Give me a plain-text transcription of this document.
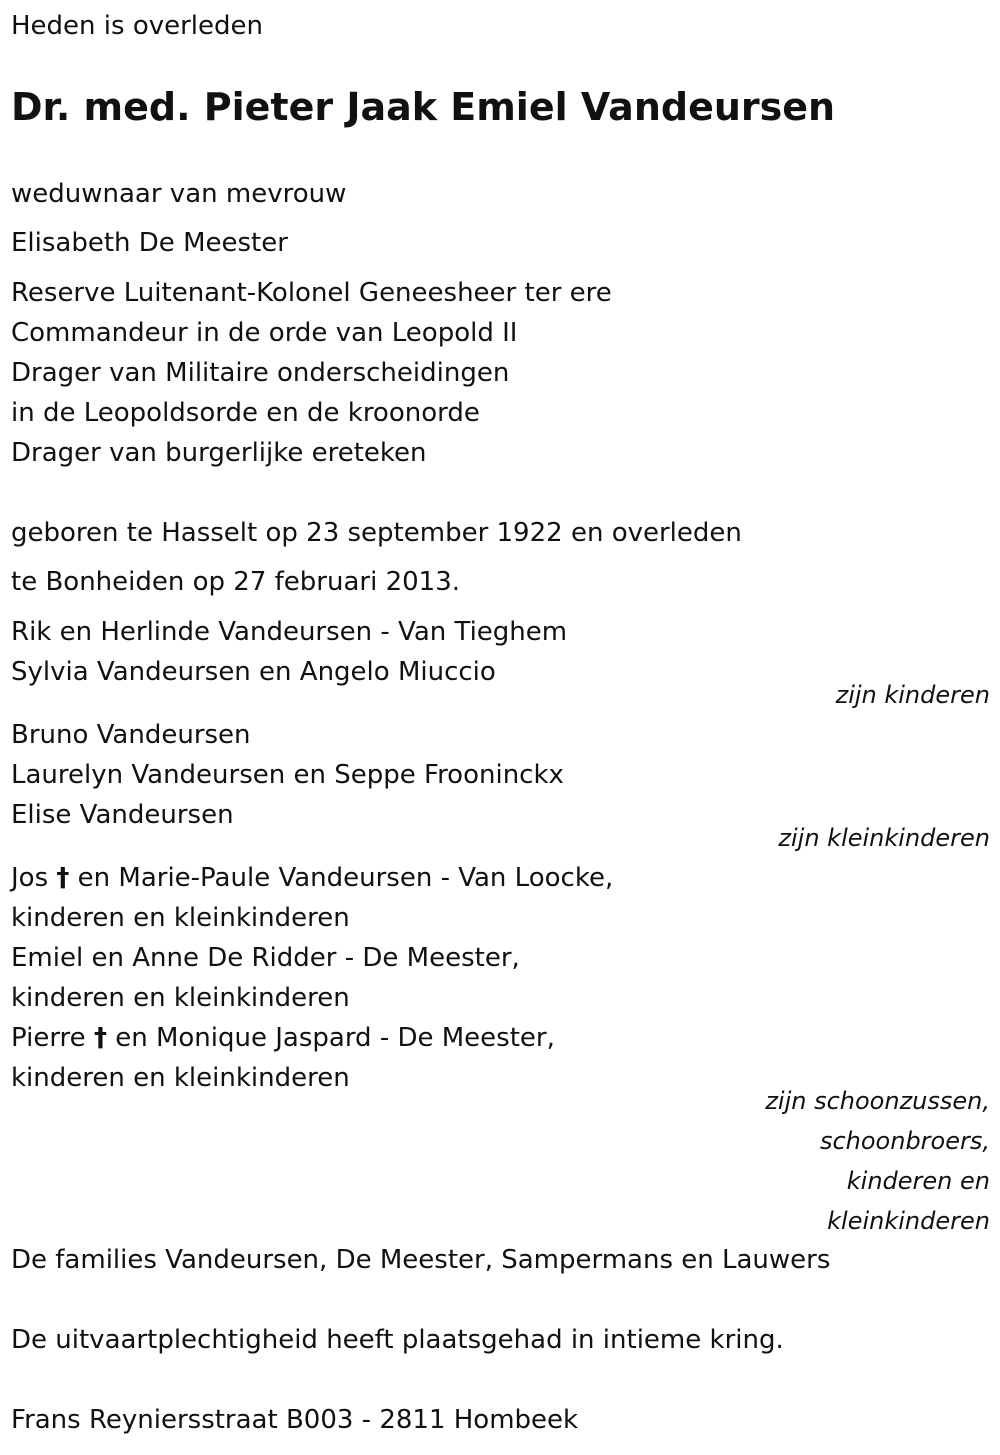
Heden is overleden
Dr. med. Pieter Jaak Emiel Vandeursen
weduwnaar van mevrouw
Elisabeth De Meester
Reserve Luitenant-Kolonel Geneesheer ter ere
Commandeur in de orde van Leopold II
Drager van Militaire onderscheidingen
in de Leopoldsorde en de kroonorde
Drager van burgerlijke ereteken
geboren te Hasselt op 23 september 1922 en overleden
te Bonheiden op 27 februari 2013.
Rik en Herlinde Vandeursen - Van Tieghem
Sylvia Vandeursen en Angelo Miuccio
zijn kinderen
Bruno Vandeursen
Laurelyn Vandeursen en Seppe Frooninckx
Elise Vandeursen
zijn kleinkinderen
Jos † en Marie-Paule Vandeursen - Van Loocke,
kinderen en kleinkinderen
Emiel en Anne De Ridder - De Meester,
kinderen en kleinkinderen
Pierre † en Monique Jaspard - De Meester,
kinderen en kleinkinderen
zijn schoonzussen,
schoonbroers,
kinderen en
kleinkinderen
De families Vandeursen, De Meester, Sampermans en Lauwers
De uitvaartplechtigheid heeft plaatsgehad in intieme kring.
Frans Reyniersstraat B003 - 2811 Hombeek
